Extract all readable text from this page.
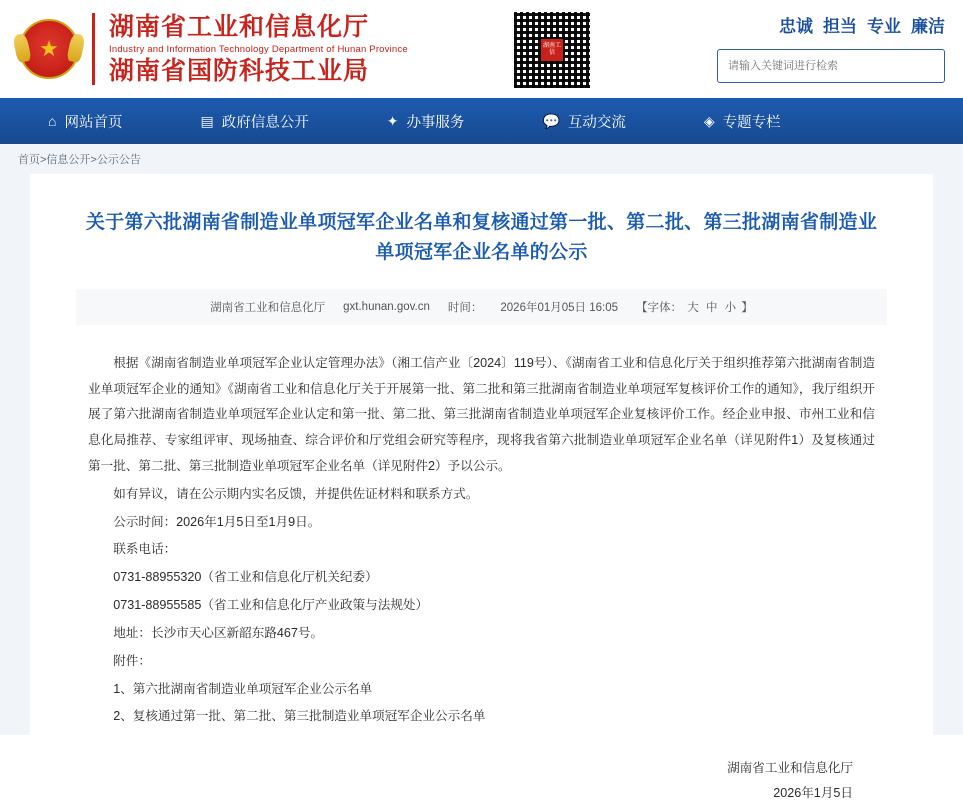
★
湖南省工业和信息化厅
Industry and Information Technology Department of Hunan Province
湖南省国防科技工业局
湖南工信
忠诚 担当 专业 廉洁
请输入关键词进行检索
⌂ 网站首页	▤ 政府信息公开	✦ 办事服务	💬 互动交流	◈ 专题专栏
首页>信息公开>公示公告
关于第六批湖南省制造业单项冠军企业名单和复核通过第一批、第二批、第三批湖南省制造业单项冠军企业名单的公示
湖南省工业和信息化厅 gxt.hunan.gov.cn 时间： 2026年01月05日 16:05 【字体： 大 中 小 】

根据《湖南省制造业单项冠军企业认定管理办法》（湘工信产业〔2024〕119号）、《湖南省工业和信息化厅关于组织推荐第六批湖南省制造业单项冠军企业的通知》《湖南省工业和信息化厅关于开展第一批、第二批和第三批湖南省制造业单项冠军复核评价工作的通知》，我厅组织开展了第六批湖南省制造业单项冠军企业认定和第一批、第二批、第三批湖南省制造业单项冠军企业复核评价工作。经企业申报、市州工业和信息化局推荐、专家组评审、现场抽查、综合评价和厅党组会研究等程序，现将我省第六批制造业单项冠军企业名单（详见附件1）及复核通过第一批、第二批、第三批制造业单项冠军企业名单（详见附件2）予以公示。

如有异议，请在公示期内实名反馈，并提供佐证材料和联系方式。

公示时间：2026年1月5日至1月9日。

联系电话：

0731-88955320（省工业和信息化厅机关纪委）

0731-88955585（省工业和信息化厅产业政策与法规处）

地址：长沙市天心区新韶东路467号。

附件：

1、第六批湖南省制造业单项冠军企业公示名单

2、复核通过第一批、第二批、第三批制造业单项冠军企业公示名单

湖南省工业和信息化厅
2026年1月5日
